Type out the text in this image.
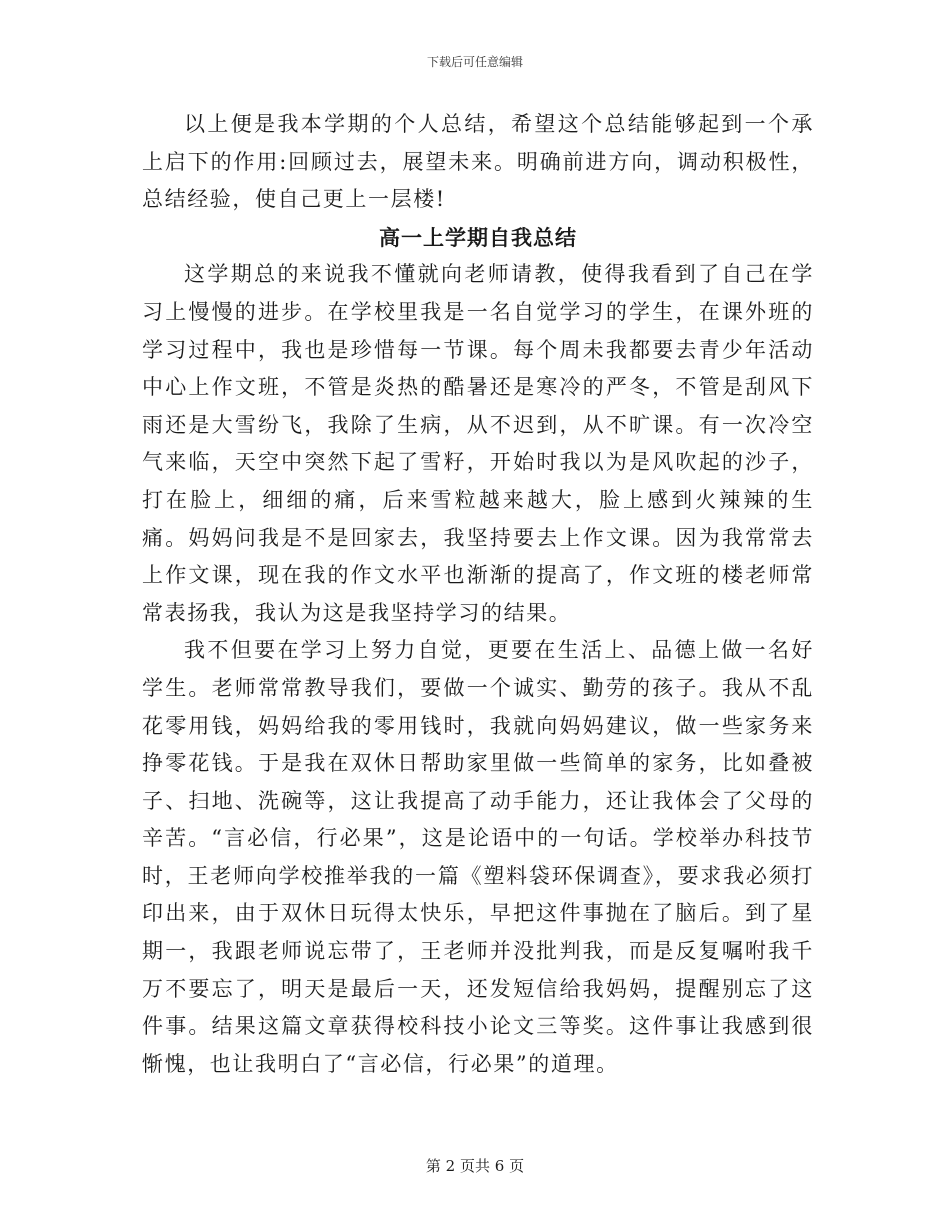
下载后可任意编辑

以上便是我本学期的个人总结，希望这个总结能够起到一个承上启下的作用:回顾过去，展望未来。明确前进方向，调动积极性，总结经验，使自己更上一层楼!

高一上学期自我总结

这学期总的来说我不懂就向老师请教，使得我看到了自己在学习上慢慢的进步。在学校里我是一名自觉学习的学生，在课外班的学习过程中，我也是珍惜每一节课。每个周未我都要去青少年活动中心上作文班，不管是炎热的酷暑还是寒冷的严冬，不管是刮风下雨还是大雪纷飞，我除了生病，从不迟到，从不旷课。有一次冷空气来临，天空中突然下起了雪籽，开始时我以为是风吹起的沙子，打在脸上，细细的痛，后来雪粒越来越大，脸上感到火辣辣的生痛。妈妈问我是不是回家去，我坚持要去上作文课。因为我常常去上作文课，现在我的作文水平也渐渐的提高了，作文班的楼老师常常表扬我，我认为这是我坚持学习的结果。

我不但要在学习上努力自觉，更要在生活上、品德上做一名好学生。老师常常教导我们，要做一个诚实、勤劳的孩子。我从不乱花零用钱，妈妈给我的零用钱时，我就向妈妈建议，做一些家务来挣零花钱。于是我在双休日帮助家里做一些简单的家务，比如叠被子、扫地、洗碗等，这让我提高了动手能力，还让我体会了父母的辛苦。“言必信，行必果”，这是论语中的一句话。学校举办科技节时，王老师向学校推举我的一篇《塑料袋环保调查》，要求我必须打印出来，由于双休日玩得太快乐，早把这件事抛在了脑后。到了星期一，我跟老师说忘带了，王老师并没批判我，而是反复嘱咐我千万不要忘了，明天是最后一天，还发短信给我妈妈，提醒别忘了这件事。结果这篇文章获得校科技小论文三等奖。这件事让我感到很惭愧，也让我明白了“言必信，行必果”的道理。

第 2 页共 6 页
